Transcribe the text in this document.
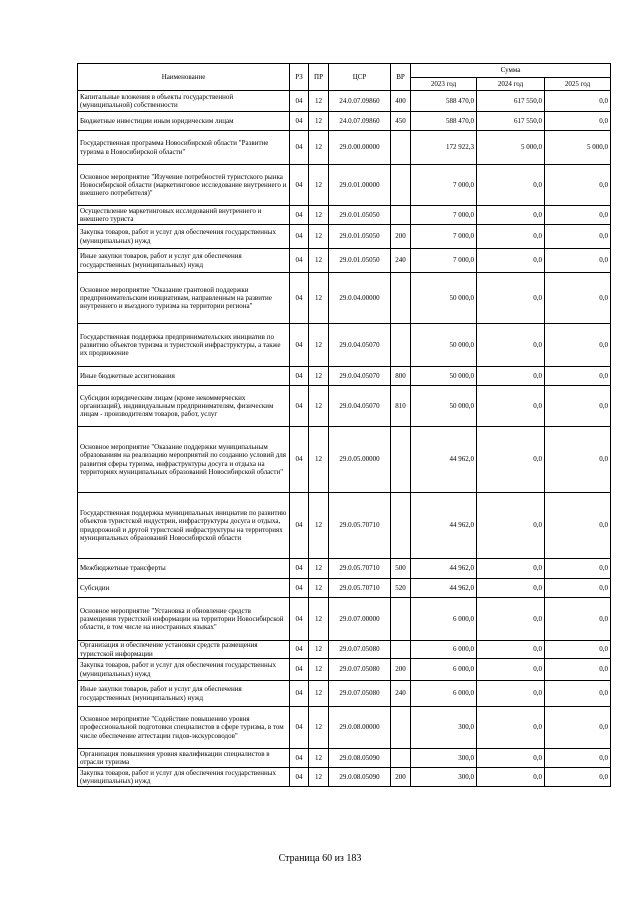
Наименование	РЗ	ПР	ЦСР	ВР	Сумма		
					2023 год	2024 год	2025 год
Капитальные вложения в объекты государственной (муниципальной) собственности	04	12	24.0.07.09860	400	588 470,0	617 550,0	0,0
Бюджетные инвестиции иным юридическим лицам	04	12	24.0.07.09860	450	588 470,0	617 550,0	0,0
Государственная программа Новосибирской области "Развитие туризма в Новосибирской области"	04	12	29.0.00.00000		172 922,3	5 000,0	5 000,0
Основное мероприятие "Изучение потребностей туристского рынка Новосибирской области (маркетинговое исследование внутреннего и внешнего потребителя)"	04	12	29.0.01.00000		7 000,0	0,0	0,0
Осуществление маркетинговых исследований внутреннего и внешнего туриста	04	12	29.0.01.05050		7 000,0	0,0	0,0
Закупка товаров, работ и услуг для обеспечения государственных (муниципальных) нужд	04	12	29.0.01.05050	200	7 000,0	0,0	0,0
Иные закупки товаров, работ и услуг для обеспечения государственных (муниципальных) нужд	04	12	29.0.01.05050	240	7 000,0	0,0	0,0
Основное мероприятие "Оказание грантовой поддержки предпринимательским инициативам, направленным на развитие внутреннего и въездного туризма на территории региона"	04	12	29.0.04.00000		50 000,0	0,0	0,0
Государственная поддержка предпринимательских инициатив по развитию объектов туризма и туристской инфраструктуры, а также их продвижение	04	12	29.0.04.05070		50 000,0	0,0	0,0
Иные бюджетные ассигнования	04	12	29.0.04.05070	800	50 000,0	0,0	0,0
Субсидии юридическим лицам (кроме некоммерческих организаций), индивидуальным предпринимателям, физическим лицам - производителям товаров, работ, услуг	04	12	29.0.04.05070	810	50 000,0	0,0	0,0
Основное мероприятие "Оказание поддержки муниципальным образованиям на реализацию мероприятий по созданию условий для развития сферы туризма, инфраструктуры досуга и отдыха на территориях муниципальных образований Новосибирской области"	04	12	29.0.05.00000		44 962,0	0,0	0,0
Государственная поддержка муниципальных инициатив по развитию объектов туристской индустрии, инфраструктуры досуга и отдыха, придорожной и другой туристской инфраструктуры на территориях муниципальных образований Новосибирской области	04	12	29.0.05.70710		44 962,0	0,0	0,0
Межбюджетные трансферты	04	12	29.0.05.70710	500	44 962,0	0,0	0,0
Субсидии	04	12	29.0.05.70710	520	44 962,0	0,0	0,0
Основное мероприятие "Установка и обновление средств размещения туристской информации на территории Новосибирской области, в том числе на иностранных языках"	04	12	29.0.07.00000		6 000,0	0,0	0,0
Организация и обеспечение установки средств размещения туристской информации	04	12	29.0.07.05080		6 000,0	0,0	0,0
Закупка товаров, работ и услуг для обеспечения государственных (муниципальных) нужд	04	12	29.0.07.05080	200	6 000,0	0,0	0,0
Иные закупки товаров, работ и услуг для обеспечения государственных (муниципальных) нужд	04	12	29.0.07.05080	240	6 000,0	0,0	0,0
Основное мероприятие "Содействие повышению уровня профессиональной подготовки специалистов в сфере туризма, в том числе обеспечение аттестации гидов-экскурсоводов"	04	12	29.0.08.00000		300,0	0,0	0,0
Организация повышения уровня квалификации специалистов в отрасли туризма	04	12	29.0.08.05090		300,0	0,0	0,0
Закупка товаров, работ и услуг для обеспечения государственных (муниципальных) нужд	04	12	29.0.08.05090	200	300,0	0,0	0,0
Страница 60 из 183
